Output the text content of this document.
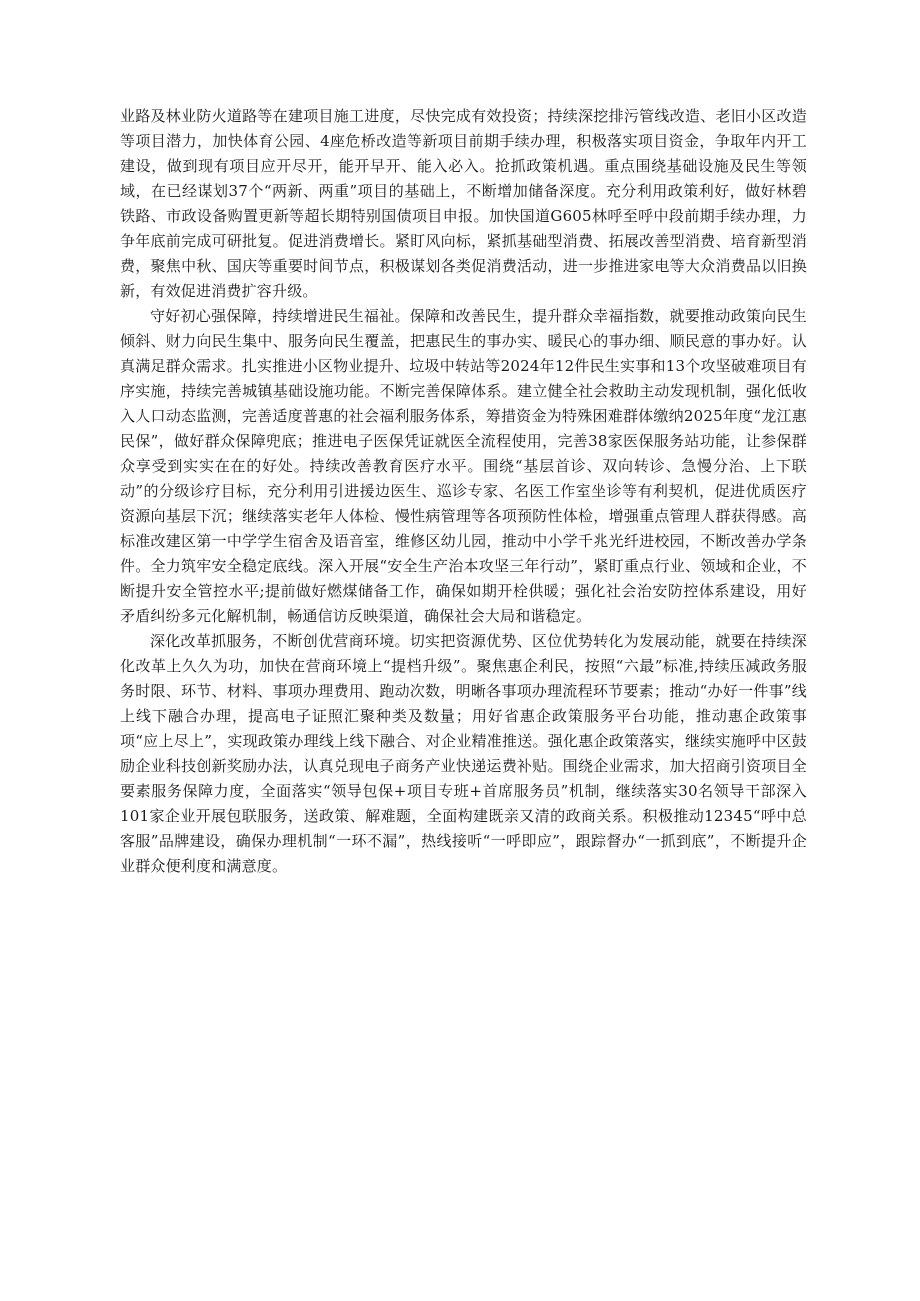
业路及林业防火道路等在建项目施工进度，尽快完成有效投资；持续深挖排污管线改造、老旧小区改造等项目潜力，加快体育公园、4座危桥改造等新项目前期手续办理，积极落实项目资金，争取年内开工建设，做到现有项目应开尽开，能开早开、能入必入。抢抓政策机遇。重点围绕基础设施及民生等领域，在已经谋划37个“两新、两重”项目的基础上，不断增加储备深度。充分利用政策利好，做好林碧铁路、市政设备购置更新等超长期特别国债项目申报。加快国道G605林呼至呼中段前期手续办理，力争年底前完成可研批复。促进消费增长。紧盯风向标，紧抓基础型消费、拓展改善型消费、培育新型消费，聚焦中秋、国庆等重要时间节点，积极谋划各类促消费活动，进一步推进家电等大众消费品以旧换新，有效促进消费扩容升级。

守好初心强保障，持续增进民生福祉。保障和改善民生，提升群众幸福指数，就要推动政策向民生倾斜、财力向民生集中、服务向民生覆盖，把惠民生的事办实、暖民心的事办细、顺民意的事办好。认真满足群众需求。扎实推进小区物业提升、垃圾中转站等2024年12件民生实事和13个攻坚破难项目有序实施，持续完善城镇基础设施功能。不断完善保障体系。建立健全社会救助主动发现机制，强化低收入人口动态监测，完善适度普惠的社会福利服务体系，筹措资金为特殊困难群体缴纳2025年度“龙江惠民保”，做好群众保障兜底；推进电子医保凭证就医全流程使用，完善38家医保服务站功能，让参保群众享受到实实在在的好处。持续改善教育医疗水平。围绕“基层首诊、双向转诊、急慢分治、上下联动”的分级诊疗目标，充分利用引进援边医生、巡诊专家、名医工作室坐诊等有利契机，促进优质医疗资源向基层下沉；继续落实老年人体检、慢性病管理等各项预防性体检，增强重点管理人群获得感。高标准改建区第一中学学生宿舍及语音室，维修区幼儿园，推动中小学千兆光纤进校园，不断改善办学条件。全力筑牢安全稳定底线。深入开展“安全生产治本攻坚三年行动”，紧盯重点行业、领域和企业，不断提升安全管控水平;提前做好燃煤储备工作，确保如期开栓供暖；强化社会治安防控体系建设，用好矛盾纠纷多元化解机制，畅通信访反映渠道，确保社会大局和谐稳定。

深化改革抓服务，不断创优营商环境。切实把资源优势、区位优势转化为发展动能，就要在持续深化改革上久久为功，加快在营商环境上“提档升级”。聚焦惠企利民，按照“六最”标准,持续压减政务服务时限、环节、材料、事项办理费用、跑动次数，明晰各事项办理流程环节要素；推动“办好一件事”线上线下融合办理，提高电子证照汇聚种类及数量；用好省惠企政策服务平台功能，推动惠企政策事项“应上尽上”，实现政策办理线上线下融合、对企业精准推送。强化惠企政策落实，继续实施呼中区鼓励企业科技创新奖励办法，认真兑现电子商务产业快递运费补贴。围绕企业需求，加大招商引资项目全要素服务保障力度，全面落实“领导包保+项目专班+首席服务员”机制，继续落实30名领导干部深入101家企业开展包联服务，送政策、解难题，全面构建既亲又清的政商关系。积极推动12345“呼中总客服”品牌建设，确保办理机制“一环不漏”，热线接听“一呼即应”，跟踪督办“一抓到底”，不断提升企业群众便利度和满意度。
